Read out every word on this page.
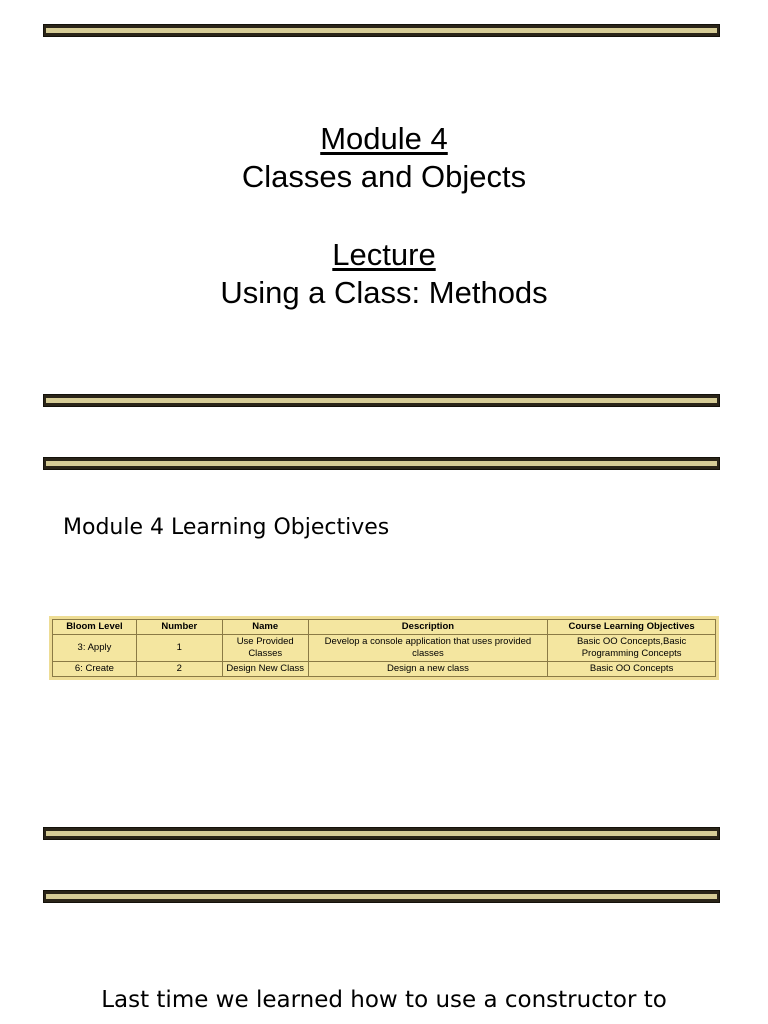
Module 4
Classes and Objects
Lecture
Using a Class: Methods
Module 4 Learning Objectives
Bloom Level	Number	Name	Description	Course Learning Objectives
3: Apply	1	Use Provided Classes	Develop a console application that uses provided classes	Basic OO Concepts,Basic Programming Concepts
6: Create	2	Design New Class	Design a new class	Basic OO Concepts
Last time we learned how to use a constructor to
